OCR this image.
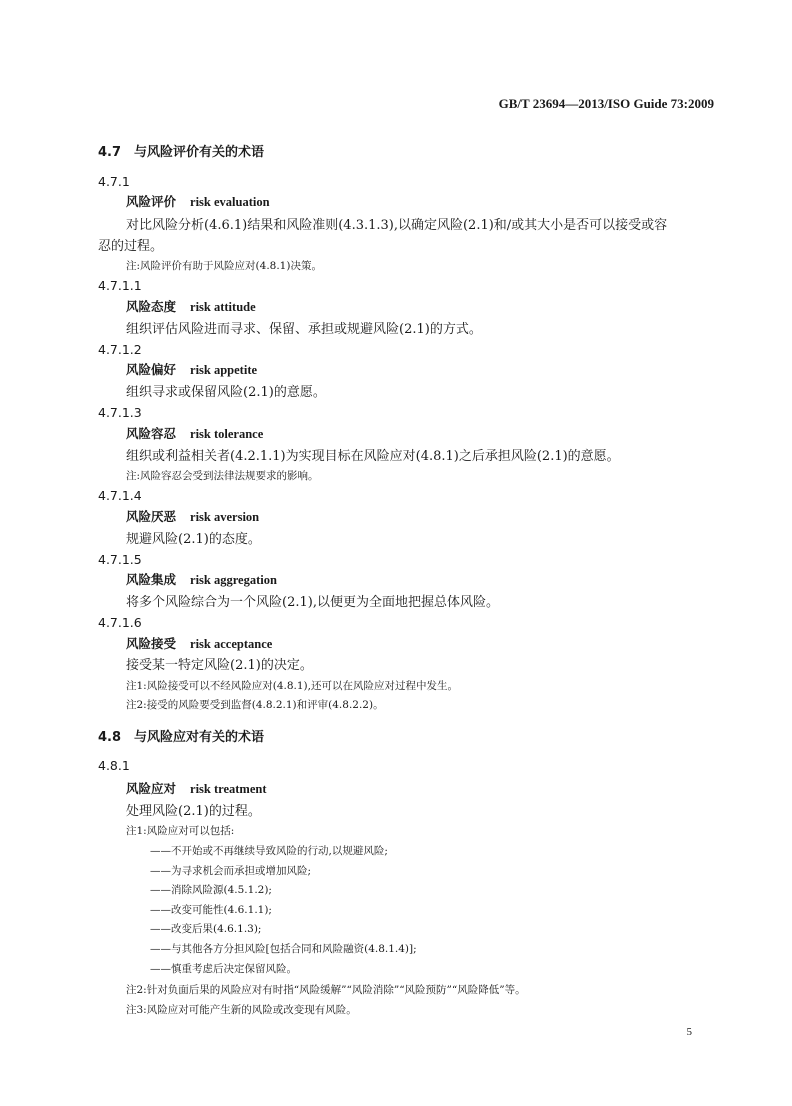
GB/T 23694—2013/ISO Guide 73:2009
4.7　与风险评价有关的术语
4.7.1
风险评价 risk evaluation
对比风险分析(4.6.1)结果和风险准则(4.3.1.3),以确定风险(2.1)和/或其大小是否可以接受或容
忍的过程。
注:风险评价有助于风险应对(4.8.1)决策。
4.7.1.1
风险态度 risk attitude
组织评估风险进而寻求、保留、承担或规避风险(2.1)的方式。
4.7.1.2
风险偏好 risk appetite
组织寻求或保留风险(2.1)的意愿。
4.7.1.3
风险容忍 risk tolerance
组织或利益相关者(4.2.1.1)为实现目标在风险应对(4.8.1)之后承担风险(2.1)的意愿。
注:风险容忍会受到法律法规要求的影响。
4.7.1.4
风险厌恶 risk aversion
规避风险(2.1)的态度。
4.7.1.5
风险集成 risk aggregation
将多个风险综合为一个风险(2.1),以便更为全面地把握总体风险。
4.7.1.6
风险接受 risk acceptance
接受某一特定风险(2.1)的决定。
注1:风险接受可以不经风险应对(4.8.1),还可以在风险应对过程中发生。
注2:接受的风险要受到监督(4.8.2.1)和评审(4.8.2.2)。
4.8　与风险应对有关的术语
4.8.1
风险应对 risk treatment
处理风险(2.1)的过程。
注1:风险应对可以包括:
——不开始或不再继续导致风险的行动,以规避风险;
——为寻求机会而承担或增加风险;
——消除风险源(4.5.1.2);
——改变可能性(4.6.1.1);
——改变后果(4.6.1.3);
——与其他各方分担风险[包括合同和风险融资(4.8.1.4)];
——慎重考虑后决定保留风险。
注2:针对负面后果的风险应对有时指“风险缓解”“风险消除”“风险预防”“风险降低”等。
注3:风险应对可能产生新的风险或改变现有风险。
5
